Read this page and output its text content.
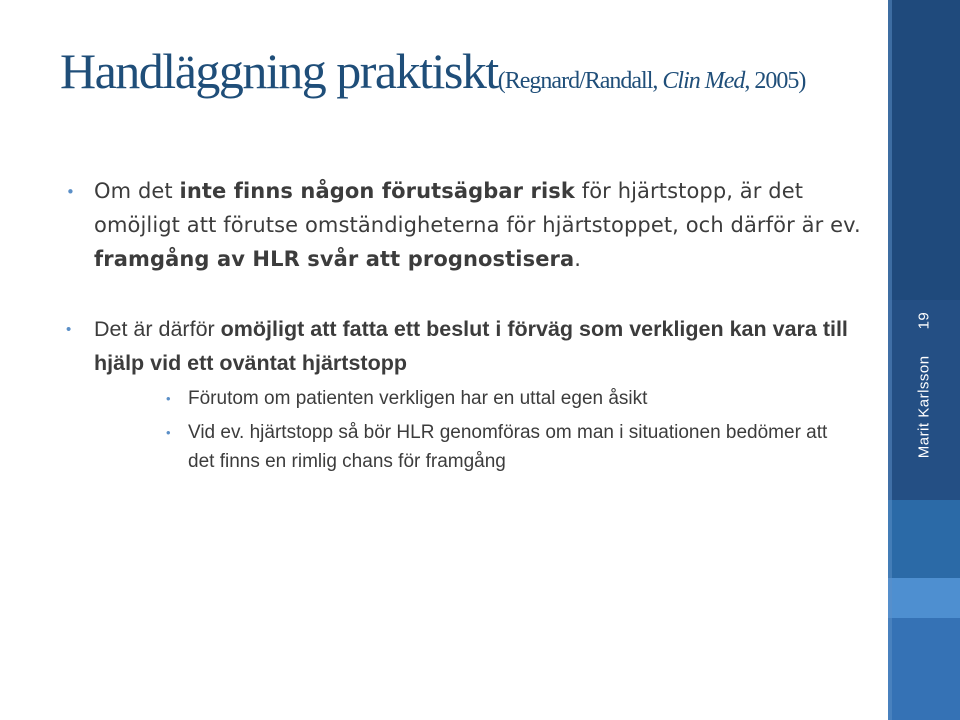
Handläggning praktiskt(Regnard/Randall, Clin Med, 2005)
• Om det inte finns någon förutsägbar risk för hjärtstopp, är det omöjligt att förutse omständigheterna för hjärtstoppet, och därför är ev. framgång av HLR svår att prognostisera.
• Det är därför omöjligt att fatta ett beslut i förväg som verkligen kan vara till hjälp vid ett oväntat hjärtstopp
• Förutom om patienten verkligen har en uttal egen åsikt
• Vid ev. hjärtstopp så bör HLR genomföras om man i situationen bedömer att det finns en rimlig chans för framgång
Marit Karlsson19
